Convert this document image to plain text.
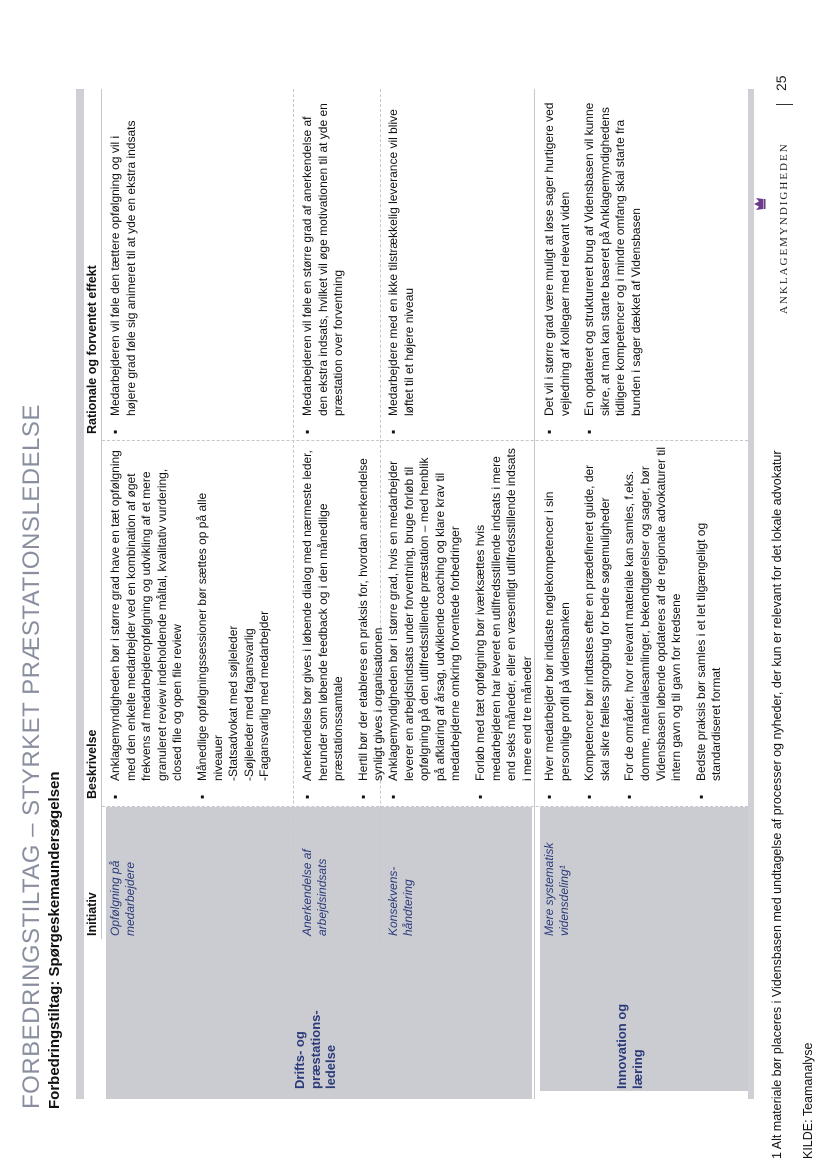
FORBEDRINGSTILTAG – STYRKET PRÆSTATIONSLEDELSE Forbedringstiltag: Spørgeskemaundersøgelsen	Drifts- og
præstations-
ledelse	Innovation og
læring
Initiativ
Beskrivelse
Rationale og forventet effekt
Opfølgning på
medarbejdere
▪
Anklagemyndigheden bør i større grad have en tæt opfølgning med den enkelte medarbejder ved en kombination af øget frekvens af medarbejderopfølgning og udvikling af et mere granuleret review indeholdende måltal, kvalitativ vurdering, closed file og open file review
▪
Månedlige opfølgningssessioner bør sættes op på alle niveauer
-Statsadvokat med søjleleder
-Søjleleder med fagansvarlig
-Fagansvarlig med medarbejder
▪
Medarbejderen vil føle den tættere opfølgning og vil i højere grad føle sig animeret til at yde en ekstra indsats
Anerkendelse af
arbejdsindsats
▪
Anerkendelse bør gives i løbende dialog med nærmeste leder, herunder som løbende feedback og i den månedlige præstationssamtale
▪
Hertil bør der etableres en praksis for, hvordan anerkendelse synligt gives i organisationen
▪
Medarbejderen vil føle en større grad af anerkendelse af den ekstra indsats, hvilket vil øge motivationen til at yde en præstation over forventning
Konsekvens-
håndtering
▪
Anklagemyndigheden bør i større grad, hvis en medarbejder leverer en arbejdsindsats under forventning, bruge forløb til opfølgning på den utilfredsstillende præstation – med henblik på afklaring af årsag, udviklende coaching og klare krav til medarbejderne omkring forventede forbedringer
▪
Forløb med tæt opfølgning bør iværksættes hvis medarbejderen har leveret en utilfredsstillende indsats i mere end seks måneder, eller en væsentligt utilfredsstillende indsats i mere end tre måneder
▪
Medarbejdere med en ikke tilstrækkelig leverance vil blive løftet til et højere niveau
Mere systematisk
vidensdeling¹
▪
Hver medarbejder bør indlaste nøglekompetencer i sin personlige profil på vidensbanken
▪
Kompetencer bør indtastes efter en prædefineret guide, der skal sikre fælles sprogbrug for bedre søgemuligheder
▪
For de områder, hvor relevant materiale kan samles, f.eks. domme, materialesamlinger, bekendtgørelser og sager, bør Vidensbasen løbende opdateres af de regionale advokaturer til intern gavn og til gavn for kredsene
▪
Bedste praksis bør samles i et let tilgængeligt og standardiseret format
▪
Det vil i større grad være muligt at løse sager hurtigere ved vejledning af kollegaer med relevant viden
▪
En opdateret og struktureret brug af Vidensbasen vil kunne sikre, at man kan starte baseret på Anklagemyndighedens tidligere kompetencer og i mindre omfang skal starte fra bunden i sager dækket af Vidensbasen
1 Alt materiale bør placeres i Vidensbasen med undtagelse af processer og nyheder, der kun er relevant for det lokale advokatur KILDE: Teamanalyse
ANKLAGEMYNDIGHEDEN
25
